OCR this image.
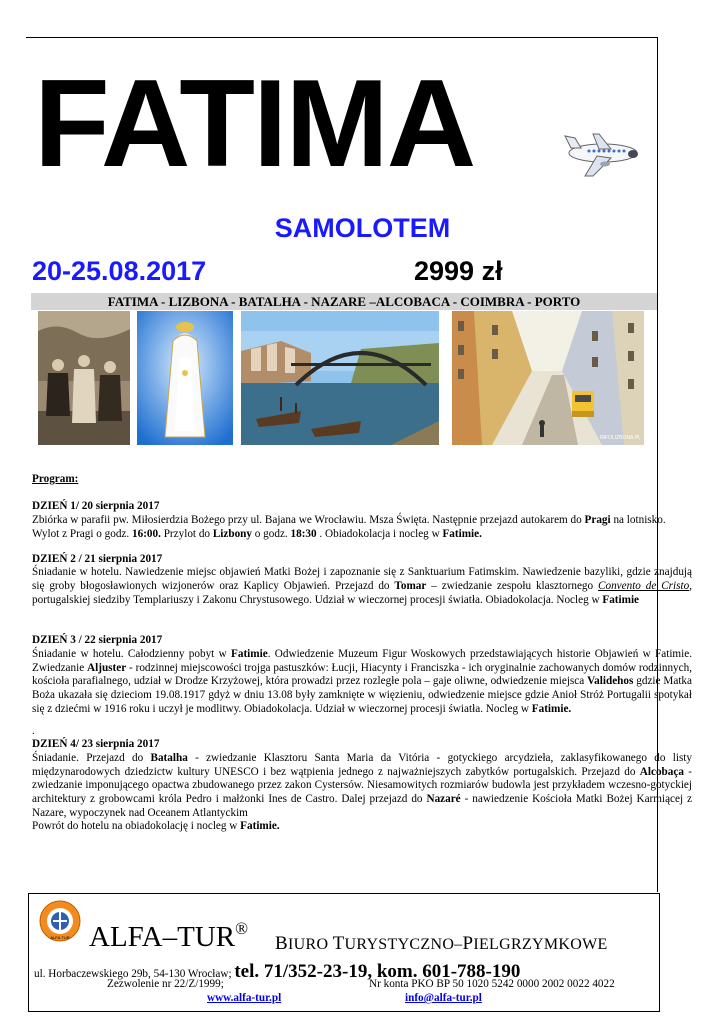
FATIMA
SAMOLOTEM
20-25.08.2017	2999 zł
FATIMA - LIZBONA - BATALHA - NAZARE –ALCOBACA - COIMBRA - PORTO
INFOLIZBONA.PL

Program:

DZIEŃ 1/ 20 sierpnia 2017

Zbiórka w parafii pw. Miłosierdzia Bożego przy ul. Bajana we Wrocławiu. Msza Święta. Następnie przejazd autokarem do Pragi na lotnisko. Wylot z Pragi o godz. 16:00. Przylot do Lizbony o godz. 18:30 . Obiadokolacja i nocleg w Fatimie.

DZIEŃ 2 / 21 sierpnia 2017

Śniadanie w hotelu. Nawiedzenie miejsc objawień Matki Bożej i zapoznanie się z Sanktuarium Fatimskim. Nawiedzenie bazyliki, gdzie znajdują się groby błogosławionych wizjonerów oraz Kaplicy Objawień. Przejazd do Tomar – zwiedzanie zespołu klasztornego Convento de Cristo, portugalskiej siedziby Templariuszy i Zakonu Chrystusowego. Udział w wieczornej procesji światła. Obiadokolacja. Nocleg w Fatimie

DZIEŃ 3 / 22 sierpnia 2017

Śniadanie w hotelu. Całodzienny pobyt w Fatimie. Odwiedzenie Muzeum Figur Woskowych przedstawiających historie Objawień w Fatimie. Zwiedzanie Aljuster - rodzinnej miejscowości trojga pastuszków: Łucji, Hiacynty i Franciszka - ich oryginalnie zachowanych domów rodzinnych, kościoła parafialnego, udział w Drodze Krzyżowej, która prowadzi przez rozległe pola – gaje oliwne, odwiedzenie miejsca Validehos gdzie Matka Boża ukazała się dzieciom 19.08.1917 gdyż w dniu 13.08 były zamknięte w więzieniu, odwiedzenie miejsce gdzie Anioł Stróż Portugalii spotykał się z dziećmi w 1916 roku i uczył je modlitwy. Obiadokolacja. Udział w wieczornej procesji światła. Nocleg w Fatimie.

.

DZIEŃ 4/ 23 sierpnia 2017

Śniadanie. Przejazd do Batalha - zwiedzanie Klasztoru Santa Maria da Vitória - gotyckiego arcydzieła, zaklasyfikowanego do listy międzynarodowych dziedzictw kultury UNESCO i bez wątpienia jednego z najważniejszych zabytków portugalskich. Przejazd do Alcobaça - zwiedzanie imponującego opactwa zbudowanego przez zakon Cystersów. Niesamowitych rozmiarów budowla jest przykładem wczesno-gotyckiej architektury z grobowcami króla Pedro i małżonki Ines de Castro. Dalej przejazd do Nazaré - nawiedzenie Kościoła Matki Bożej Karmiącej z Nazare, wypoczynek nad Oceanem Atlantyckim

Powrót do hotelu na obiadokolację i nocleg w Fatimie.

ALFA-TUR ALFA–TUR®
BIURO TURYSTYCZNO–PIELGRZYMKOWE
ul. Horbaczewskiego 29b, 54-130 Wrocław; tel. 71/352-23-19, kom. 601-788-190
Zezwolenie nr 22/Z/1999;	Nr konta PKO BP 50 1020 5242 0000 2002 0022 4022
www.alfa-tur.pl	info@alfa-tur.pl
